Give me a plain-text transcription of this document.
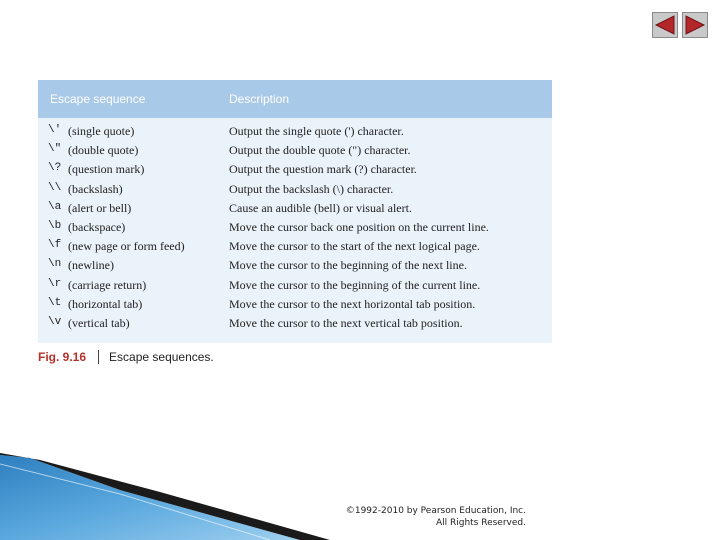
Escape sequence	Description
\' (single quote)	Output the single quote (') character.
\" (double quote)	Output the double quote (") character.
\? (question mark)	Output the question mark (?) character.
\\ (backslash)	Output the backslash (\) character.
\a (alert or bell)	Cause an audible (bell) or visual alert.
\b (backspace)	Move the cursor back one position on the current line.
\f (new page or form feed)	Move the cursor to the start of the next logical page.
\n (newline)	Move the cursor to the beginning of the next line.
\r (carriage return)	Move the cursor to the beginning of the current line.
\t (horizontal tab)	Move the cursor to the next horizontal tab position.
\v (vertical tab)	Move the cursor to the next vertical tab position.
Fig. 9.16 Escape sequences.
©1992-2010 by Pearson Education, Inc.
All Rights Reserved.
